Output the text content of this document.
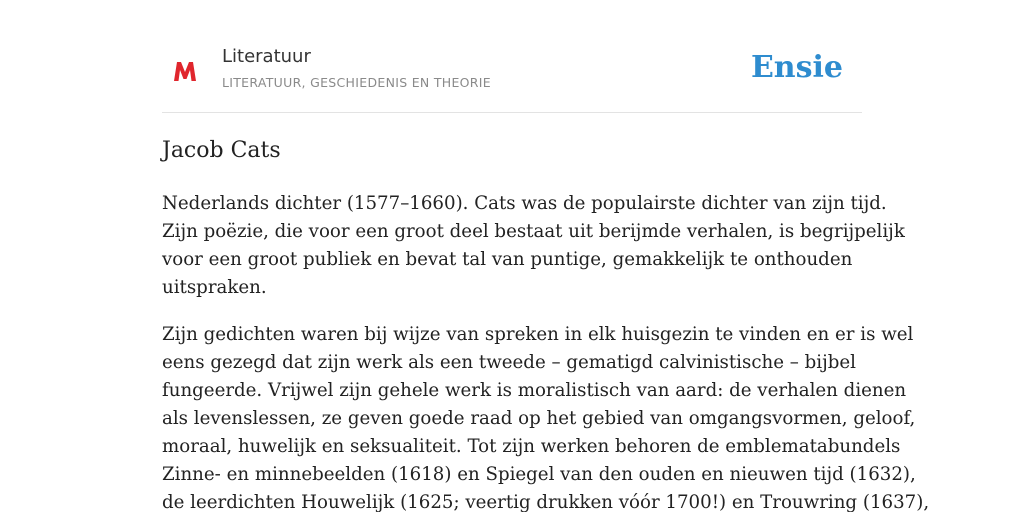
Literatuur
LITERATUUR, GESCHIEDENIS EN THEORIE	Ensie
Jacob Cats

Nederlands dichter (1577–1660). Cats was de populairste dichter van zijn tijd.
Zijn poëzie, die voor een groot deel bestaat uit berijmde verhalen, is begrijpelijk
voor een groot publiek en bevat tal van puntige, gemakkelijk te onthouden
uitspraken.

Zijn gedichten waren bij wijze van spreken in elk huisgezin te vinden en er is wel
eens gezegd dat zijn werk als een tweede – gematigd calvinistische – bijbel
fungeerde. Vrijwel zijn gehele werk is moralistisch van aard: de verhalen dienen
als levenslessen, ze geven goede raad op het gebied van omgangsvormen, geloof,
moraal, huwelijk en seksualiteit. Tot zijn werken behoren de emblematabundels
Zinne- en minnebeelden (1618) en Spiegel van den ouden en nieuwen tijd (1632),
de leerdichten Houwelijk (1625; veertig drukken vóór 1700!) en Trouwring (1637),
